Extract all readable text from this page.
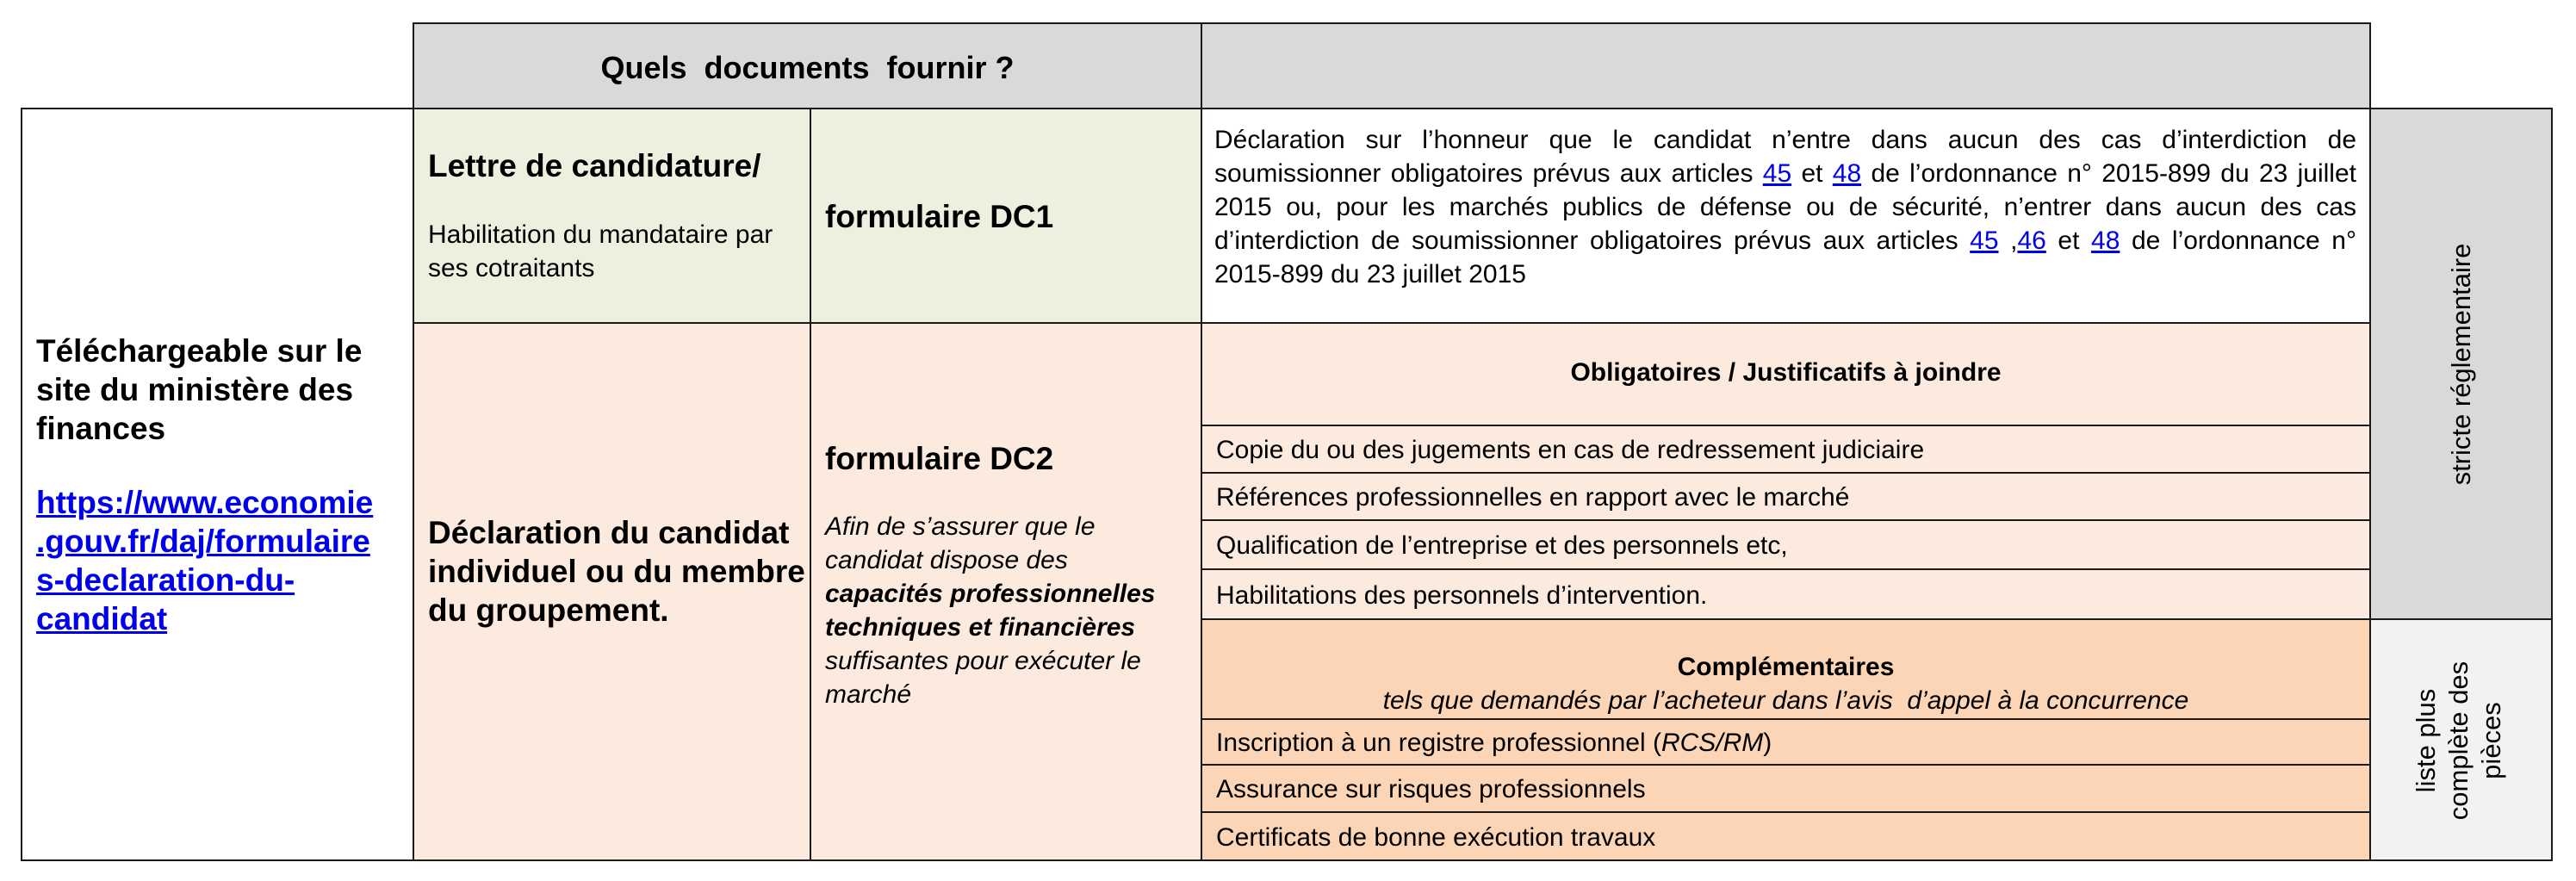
Quels  documents  fournir ?
Téléchargeable sur le site du ministère des finances
https://www.economie
.gouv.fr/daj/formulaire
s-declaration-du-
candidat
Lettre de candidature/
Habilitation du mandataire par ses cotraitants
formulaire DC1
Déclaration sur l’honneur que le candidat n’entre dans aucun des cas d’interdiction de soumissionner obligatoires prévus aux articles 45 et 48 de l’ordonnance n° 2015-899 du 23 juillet 2015 ou, pour les marchés publics de défense ou de sécurité, n’entrer dans aucun des cas d’interdiction de soumissionner obligatoires prévus aux articles 45 ,46 et 48 de l’ordonnance n° 2015-899 du 23 juillet 2015
Déclaration du candidat individuel ou du membre du groupement.
formulaire DC2
Afin de s’assurer que le candidat dispose des capacités professionnelles techniques et financières suffisantes pour exécuter le marché
Obligatoires / Justificatifs à joindre
Copie du ou des jugements en cas de redressement judiciaire
Références professionnelles en rapport avec le marché
Qualification de l’entreprise et des personnels etc,
Habilitations des personnels d’intervention.
Complémentaires
tels que demandés par l’acheteur dans l’avis  d’appel à la concurrence
Inscription à un registre professionnel (RCS/RM)
Assurance sur risques professionnels
Certificats de bonne exécution travaux
stricte réglementaire
liste plus
complète des
pièces
